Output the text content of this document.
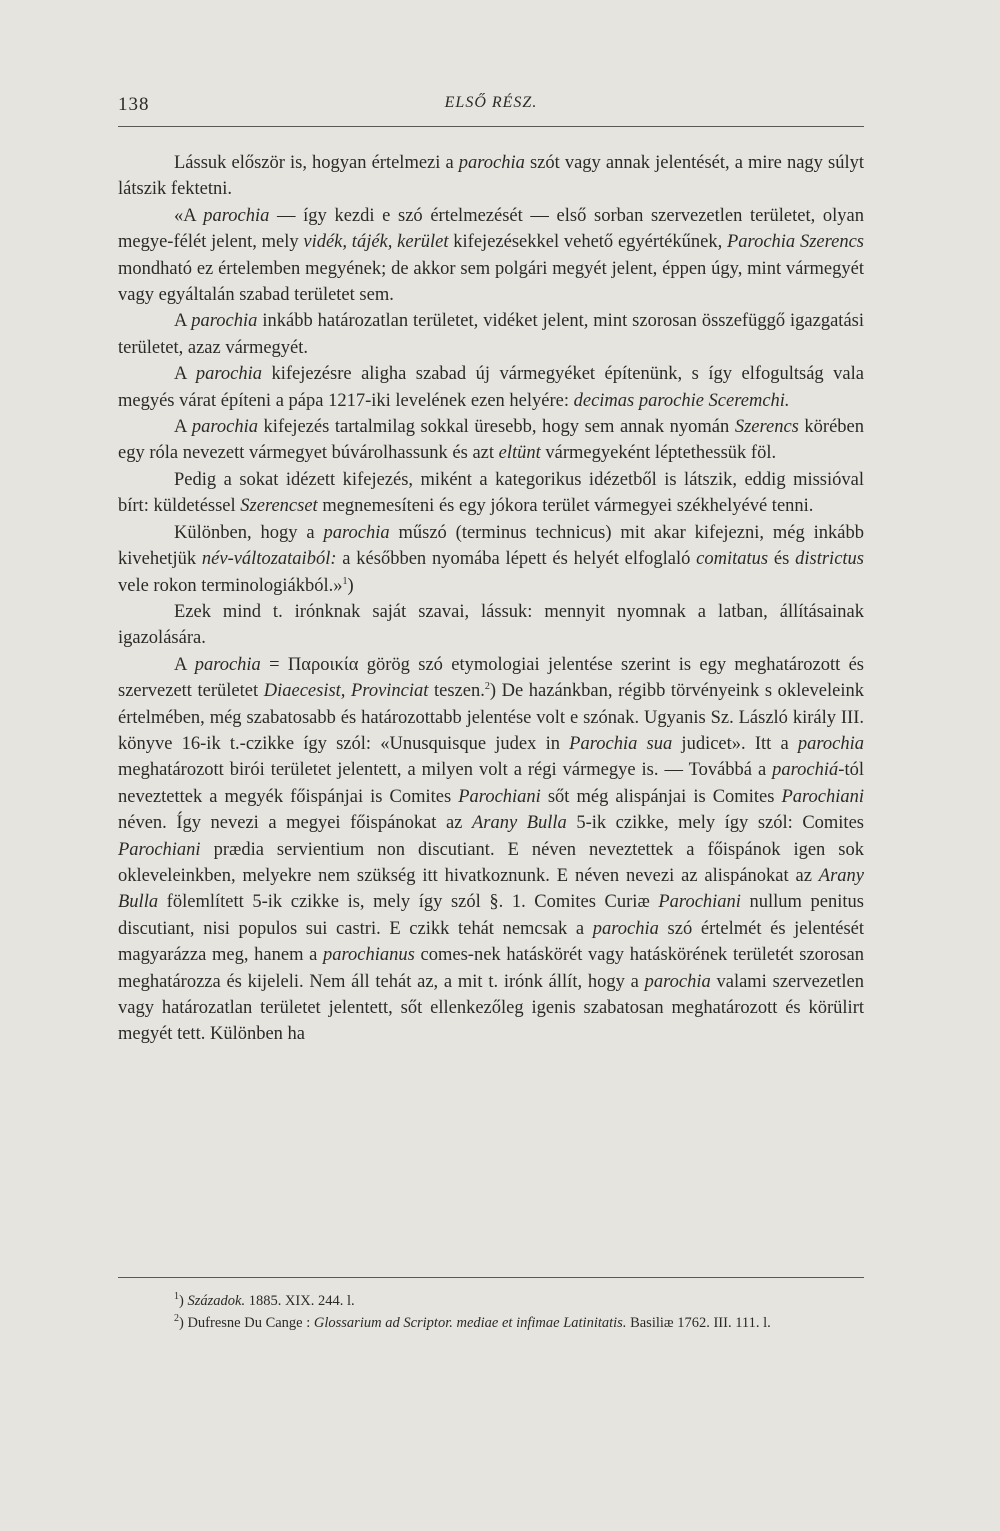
138	ELSŐ RÉSZ.

Lássuk először is, hogyan értelmezi a parochia szót vagy annak jelentését, a mire nagy súlyt látszik fektetni.

«A parochia — így kezdi e szó értelmezését — első sorban szervezetlen területet, olyan megye-félét jelent, mely vidék, tájék, kerület kifejezésekkel vehető egyértékűnek, Parochia Szerencs mondható ez értelemben megyének; de akkor sem polgári megyét jelent, éppen úgy, mint vármegyét vagy egyáltalán szabad területet sem.

A parochia inkább határozatlan területet, vidéket jelent, mint szorosan összefüggő igazgatási területet, azaz vármegyét.

A parochia kifejezésre aligha szabad új vármegyéket építenünk, s így elfogultság vala megyés várat építeni a pápa 1217-iki levelének ezen helyére: decimas parochie Sceremchi.

A parochia kifejezés tartalmilag sokkal üresebb, hogy sem annak nyomán Szerencs körében egy róla nevezett vármegyet búvárolhassunk és azt eltünt vármegyeként léptethessük föl.

Pedig a sokat idézett kifejezés, miként a kategorikus idézetből is látszik, eddig missióval bírt: küldetéssel Szerencset megnemesíteni és egy jókora terület vármegyei székhelyévé tenni.

Különben, hogy a parochia műszó (terminus technicus) mit akar kifejezni, még inkább kivehetjük név-változataiból: a későbben nyomába lépett és helyét elfoglaló comitatus és districtus vele rokon terminologiákból.»$^1$)

Ezek mind t. irónknak saját szavai, lássuk: mennyit nyomnak a latban, állításainak igazolására.

A parochia = Παροικία görög szó etymologiai jelentése szerint is egy meghatározott és szervezett területet Diaecesist, Provinciat teszen.$^2$) De hazánkban, régibb törvényeink s okleveleink értelmében, még szabatosabb és határozottabb jelentése volt e szónak. Ugyanis Sz. László király III. könyve 16-ik t.-czikke így szól: «Unusquisque judex in Parochia sua judicet». Itt a parochia meghatározott birói területet jelentett, a milyen volt a régi vármegye is. — Továbbá a parochiá-tól neveztettek a megyék főispánjai is Comites Parochiani sőt még alispánjai is Comites Parochiani néven. Így nevezi a megyei főispánokat az Arany Bulla 5-ik czikke, mely így szól: Comites Parochiani prædia servientium non discutiant. E néven neveztettek a főispánok igen sok okleveleinkben, melyekre nem szükség itt hivatkoznunk. E néven nevezi az alispánokat az Arany Bulla fölemlített 5-ik czikke is, mely így szól §. 1. Comites Curiæ Parochiani nullum penitus discutiant, nisi populos sui castri. E czikk tehát nemcsak a parochia szó értelmét és jelentését magyarázza meg, hanem a parochianus comes-nek hatáskörét vagy hatáskörének területét szorosan meghatározza és kijeleli. Nem áll tehát az, a mit t. irónk állít, hogy a parochia valami szervezetlen vagy határozatlan területet jelentett, sőt ellenkezőleg igenis szabatosan meghatározott és körülirt megyét tett. Különben ha

$^1$) Századok. 1885. XIX. 244. l.

$^2$) Dufresne Du Cange : Glossarium ad Scriptor. mediae et infimae Latinitatis. Basiliæ 1762. III. 111. l.
